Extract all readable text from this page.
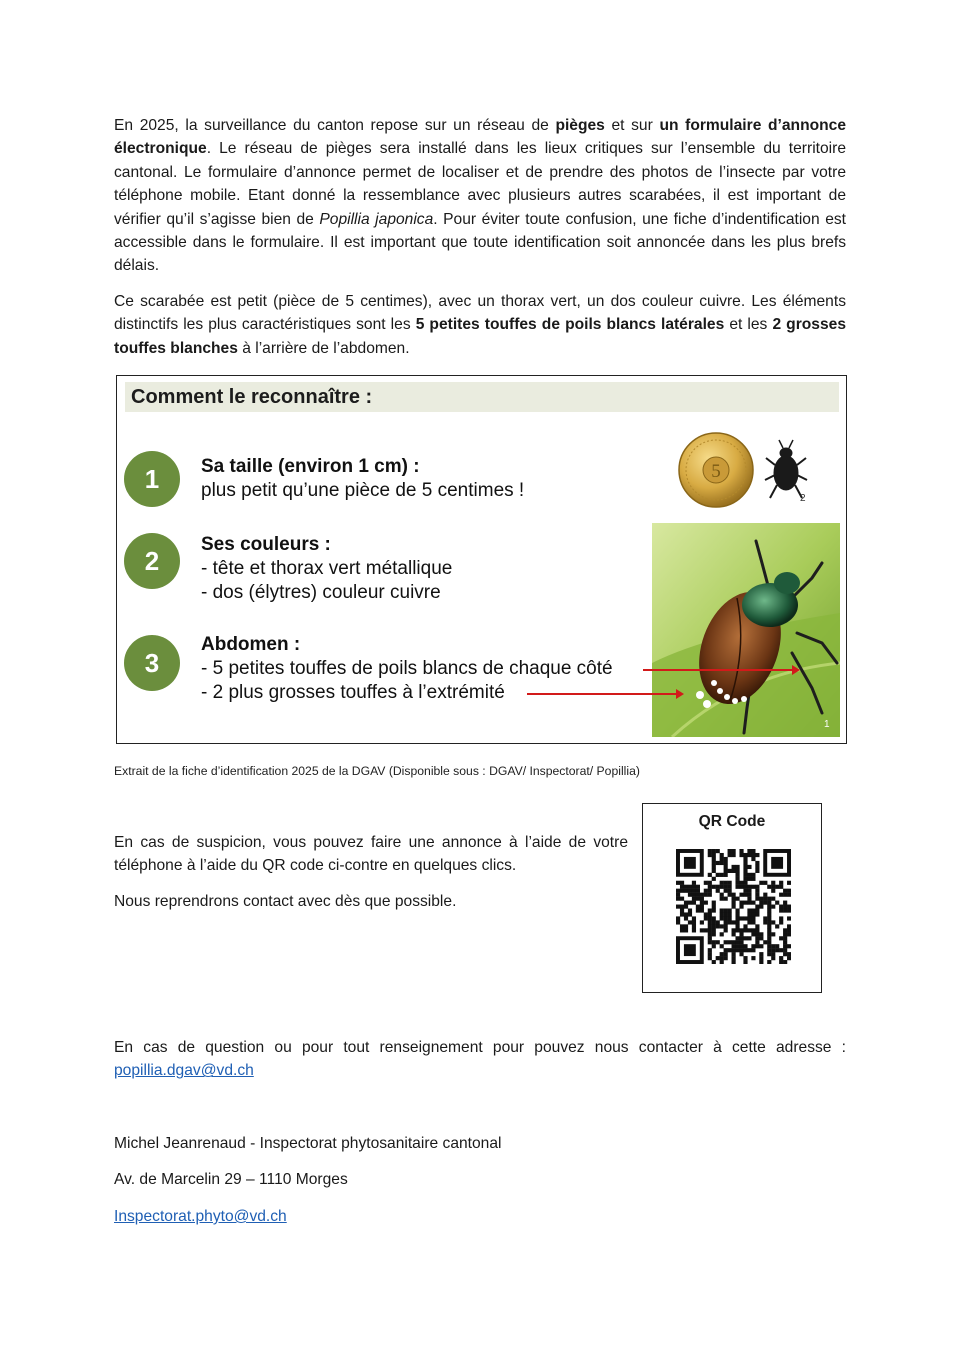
En 2025, la surveillance du canton repose sur un réseau de pièges et sur un formulaire d’annonce électronique. Le réseau de pièges sera installé dans les lieux critiques sur l’ensemble du territoire cantonal. Le formulaire d’annonce permet de localiser et de prendre des photos de l’insecte par votre téléphone mobile. Etant donné la ressemblance avec plusieurs autres scarabées, il est important de vérifier qu’il s’agisse bien de Popillia japonica. Pour éviter toute confusion, une fiche d’indentification est accessible dans le formulaire. Il est important que toute identification soit annoncée dans les plus brefs délais.

Ce scarabée est petit (pièce de 5 centimes), avec un thorax vert, un dos couleur cuivre. Les éléments distinctifs les plus caractéristiques sont les 5 petites touffes de poils blancs latérales et les 2 grosses touffes blanches à l’arrière de l’abdomen.

Comment le reconnaître :
1	Sa taille (environ 1 cm) :
plus petit qu’une pièce de 5 centimes !
2
Ses couleurs :
- tête et thorax vert métallique
- dos (élytres) couleur cuivre
3
Abdomen :
- 5 petites touffes de poils blancs de chaque côté
- 2 plus grosses touffes à l’extrémité
5
2
1
Extrait de la fiche d’identification 2025 de la DGAV (Disponible sous : DGAV/ Inspectorat/ Popillia)

En cas de suspicion, vous pouvez faire une annonce à l’aide de votre téléphone à l’aide du QR code ci-contre en quelques clics.

Nous reprendrons contact avec dès que possible.

QR Code

En cas de question ou pour tout renseignement pour pouvez nous contacter à cette adresse : popillia.dgav@vd.ch

Michel Jeanrenaud - Inspectorat phytosanitaire cantonal
Av. de Marcelin 29 – 1110 Morges
Inspectorat.phyto@vd.ch
